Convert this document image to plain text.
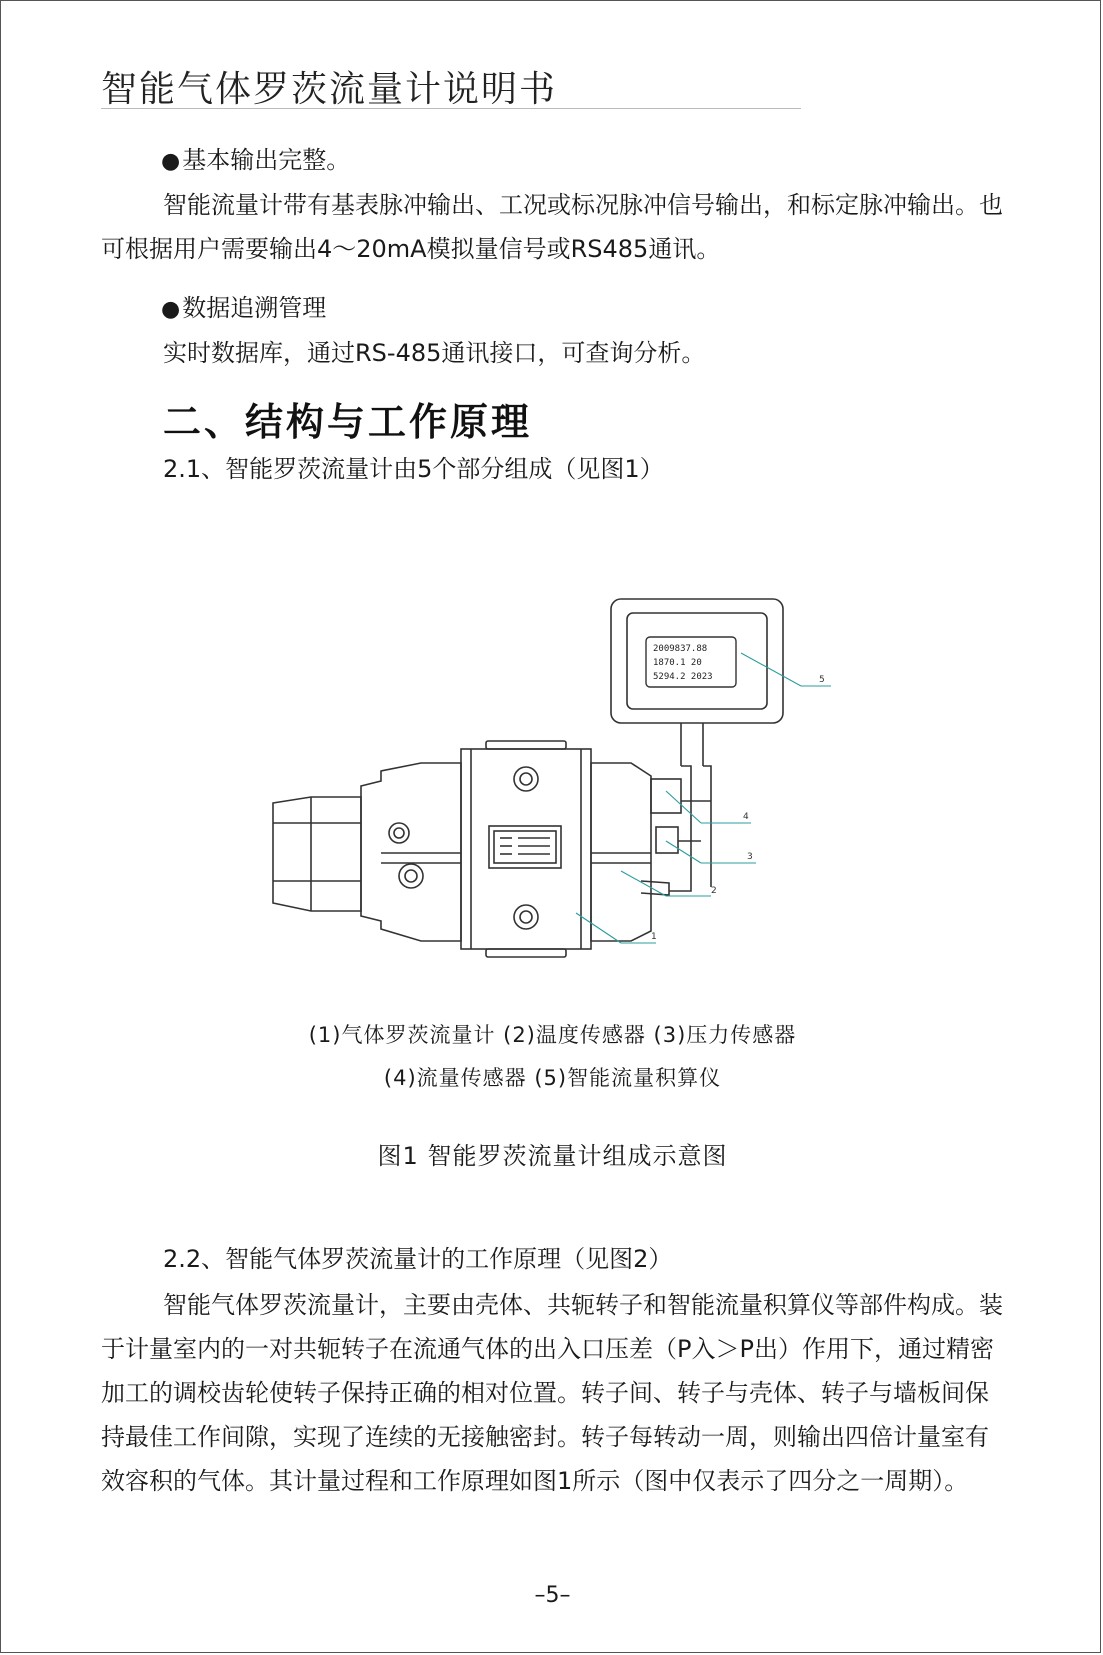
智能气体罗茨流量计说明书
●基本输出完整。

智能流量计带有基表脉冲输出、工况或标况脉冲信号输出，和标定脉冲输出。也可根据用户需要输出4～20mA模拟量信号或RS485通讯。

●数据追溯管理

实时数据库，通过RS-485通讯接口，可查询分析。

二、结构与工作原理
2.1、智能罗茨流量计由5个部分组成（见图1）
2009837.88
1870.1 20
5294.2 2023	5
4
3
2
1
(1)气体罗茨流量计 (2)温度传感器 (3)压力传感器
(4)流量传感器 (5)智能流量积算仪
图1 智能罗茨流量计组成示意图
2.2、智能气体罗茨流量计的工作原理（见图2）

智能气体罗茨流量计，主要由壳体、共轭转子和智能流量积算仪等部件构成。装于计量室内的一对共轭转子在流通气体的出入口压差（P入＞P出）作用下，通过精密加工的调校齿轮使转子保持正确的相对位置。转子间、转子与壳体、转子与墙板间保持最佳工作间隙，实现了连续的无接触密封。转子每转动一周，则输出四倍计量室有效容积的气体。其计量过程和工作原理如图1所示（图中仅表示了四分之一周期）。

–5–
